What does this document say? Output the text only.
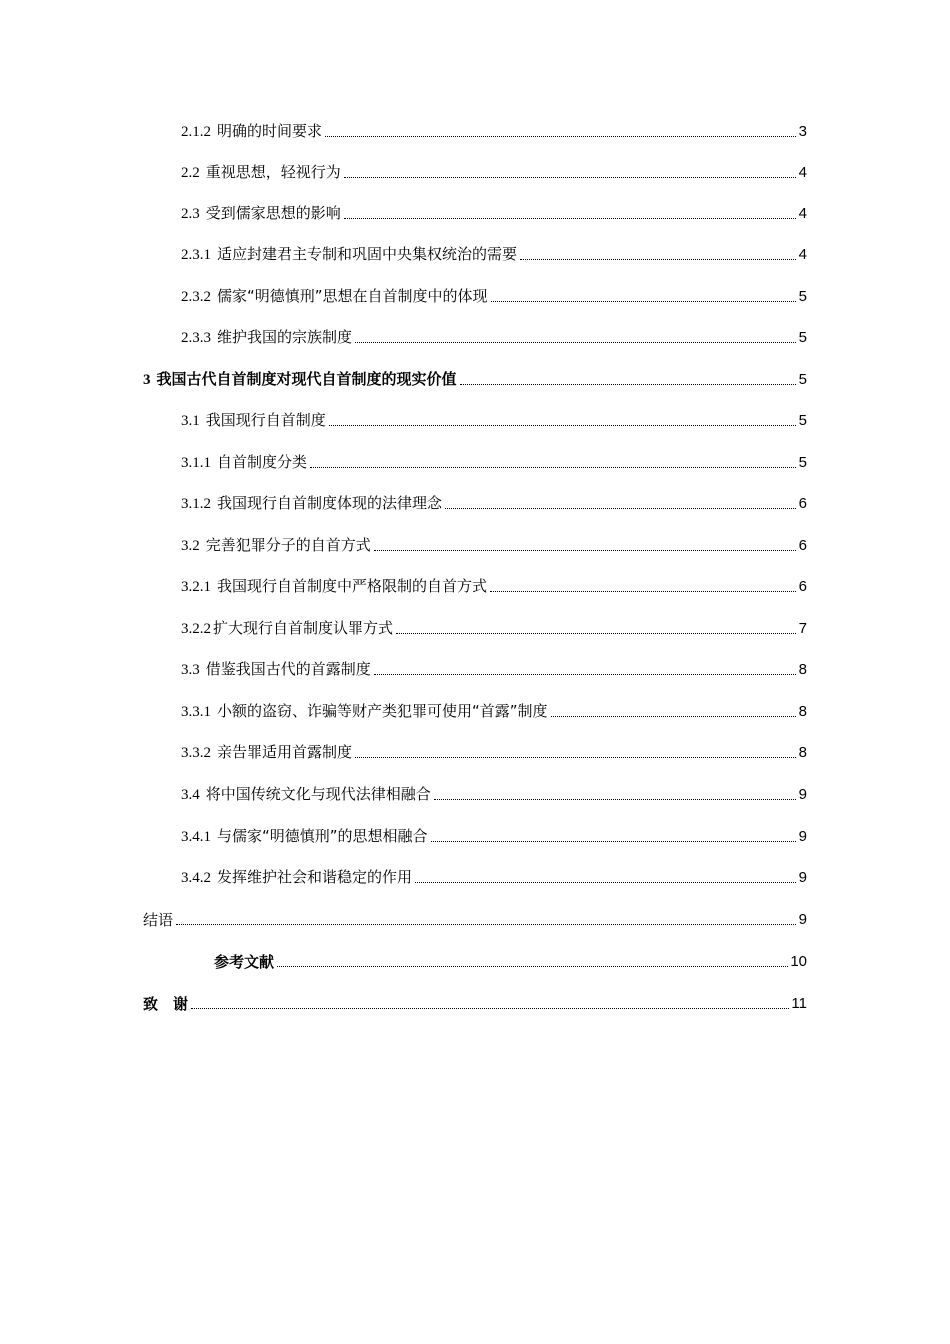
2.1.2 明确的时间要求	3
2.2 重视思想，轻视行为	4
2.3 受到儒家思想的影响	4
2.3.1 适应封建君主专制和巩固中央集权统治的需要	4
2.3.2 儒家“明德慎刑”思想在自首制度中的体现	5
2.3.3 维护我国的宗族制度	5
3 我国古代自首制度对现代自首制度的现实价值	5
3.1 我国现行自首制度	5
3.1.1 自首制度分类	5
3.1.2 我国现行自首制度体现的法律理念	6
3.2 完善犯罪分子的自首方式	6
3.2.1 我国现行自首制度中严格限制的自首方式	6
3.2.2 扩大现行自首制度认罪方式	7
3.3 借鉴我国古代的首露制度	8
3.3.1 小额的盗窃、诈骗等财产类犯罪可使用“首露”制度	8
3.3.2 亲告罪适用首露制度	8
3.4 将中国传统文化与现代法律相融合	9
3.4.1 与儒家“明德慎刑”的思想相融合	9
3.4.2 发挥维护社会和谐稳定的作用	9
结语	9
参考文献	10
致　谢	11
